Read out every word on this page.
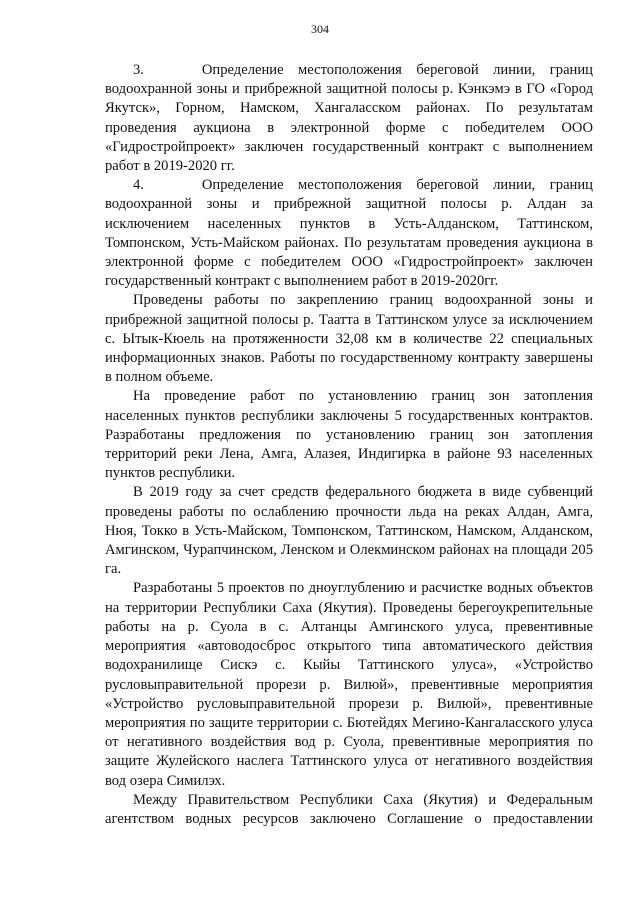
304

3.    Определение местоположения береговой линии, границ водоохранной зоны и прибрежной защитной полосы р. Кэнкэмэ в ГО «Город Якутск», Горном, Намском, Хангаласском районах. По результатам проведения аукциона в электронной форме с победителем ООО «Гидростройпроект» заключен государственный контракт с выполнением работ в 2019-2020 гг.

4.    Определение местоположения береговой линии, границ водоохранной зоны и прибрежной защитной полосы р. Алдан за исключением населенных пунктов в Усть-Алданском, Таттинском, Томпонском, Усть-Майском районах. По результатам проведения аукциона в электронной форме с победителем ООО «Гидростройпроект» заключен государственный контракт с выполнением работ в 2019-2020гг.

Проведены работы по закреплению границ водоохранной зоны и прибрежной защитной полосы р. Таатта в Таттинском улусе за исключением с. Ытык-Кюель на протяженности 32,08 км в количестве 22 специальных информационных знаков. Работы по государственному контракту завершены в полном объеме.

На проведение работ по установлению границ зон затопления населенных пунктов республики заключены 5 государственных контрактов. Разработаны предложения по установлению границ зон затопления территорий реки Лена, Амга, Алазея, Индигирка в районе 93 населенных пунктов республики.

В 2019 году за счет средств федерального бюджета в виде субвенций проведены работы по ослаблению прочности льда на реках Алдан, Амга, Нюя, Токко в Усть-Майском, Томпонском, Таттинском, Намском, Алданском, Амгинском, Чурапчинском, Ленском и Олекминском районах на площади 205 га.

Разработаны 5 проектов по дноуглублению и расчистке водных объектов на территории Республики Саха (Якутия). Проведены берегоукрепительные работы на р. Суола в с. Алтанцы Амгинского улуса, превентивные мероприятия «автоводосброс открытого типа автоматического действия водохранилище Сискэ с. Кыйы Таттинского улуса», «Устройство русловыправительной прорези р. Вилюй», превентивные мероприятия «Устройство русловыправительной прорези р. Вилюй», превентивные мероприятия по защите территории с. Бютейдях Мегино-Кангаласского улуса от негативного воздействия вод р. Суола, превентивные мероприятия по защите Жулейского наслега Таттинского улуса от негативного воздействия вод озера Симилэх.

Между Правительством Республики Саха (Якутия) и Федеральным агентством водных ресурсов заключено Соглашение о предоставлении
